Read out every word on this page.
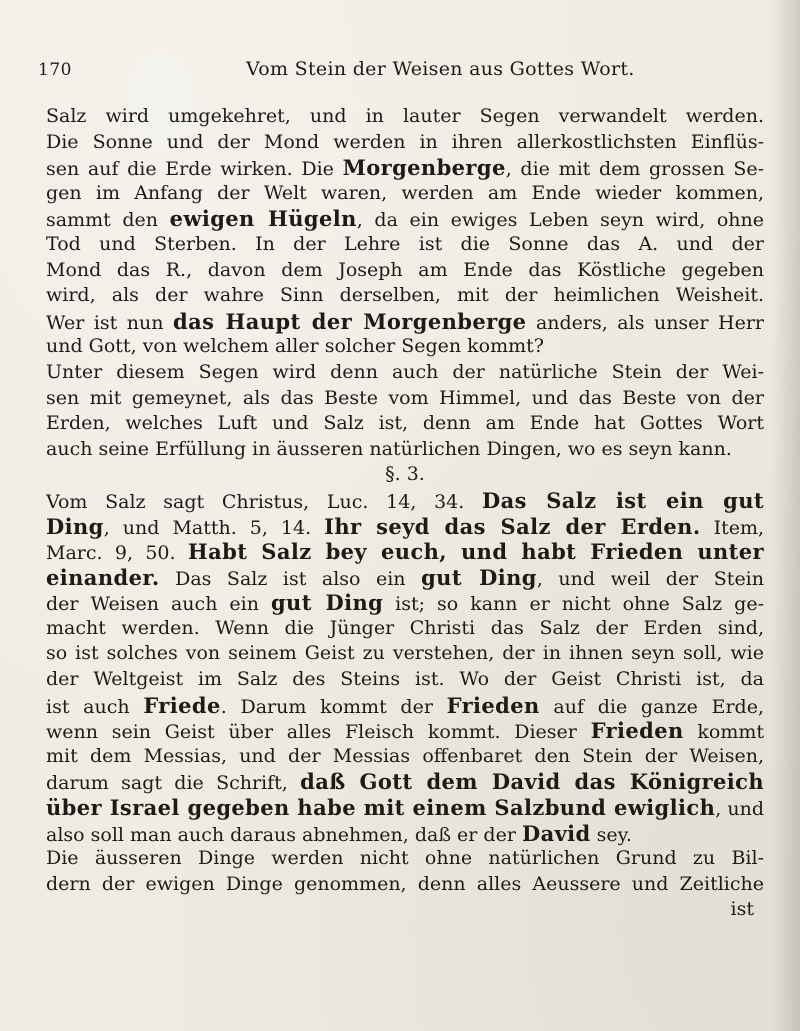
170	Vom Stein der Weisen aus Gottes Wort.
Salz wird umgekehret, und in lauter Segen verwandelt werden.
Die Sonne und der Mond werden in ihren allerkostlichsten Einflüs-
sen auf die Erde wirken. Die Morgenberge, die mit dem grossen Se-
gen im Anfang der Welt waren, werden am Ende wieder kommen,
sammt den ewigen Hügeln, da ein ewiges Leben seyn wird, ohne
Tod und Sterben. In der Lehre ist die Sonne das A. und der
Mond das R., davon dem Joseph am Ende das Köstliche gegeben
wird, als der wahre Sinn derselben, mit der heimlichen Weisheit.
Wer ist nun das Haupt der Morgenberge anders, als unser Herr
und Gott, von welchem aller solcher Segen kommt?
Unter diesem Segen wird denn auch der natürliche Stein der Wei-
sen mit gemeynet, als das Beste vom Himmel, und das Beste von der
Erden, welches Luft und Salz ist, denn am Ende hat Gottes Wort
auch seine Erfüllung in äusseren natürlichen Dingen, wo es seyn kann.
§. 3.
Vom Salz sagt Christus, Luc. 14, 34. Das Salz ist ein gut
Ding, und Matth. 5, 14. Ihr seyd das Salz der Erden. Item,
Marc. 9, 50. Habt Salz bey euch, und habt Frieden unter
einander. Das Salz ist also ein gut Ding, und weil der Stein
der Weisen auch ein gut Ding ist; so kann er nicht ohne Salz ge-
macht werden. Wenn die Jünger Christi das Salz der Erden sind,
so ist solches von seinem Geist zu verstehen, der in ihnen seyn soll, wie
der Weltgeist im Salz des Steins ist. Wo der Geist Christi ist, da
ist auch Friede. Darum kommt der Frieden auf die ganze Erde,
wenn sein Geist über alles Fleisch kommt. Dieser Frieden kommt
mit dem Messias, und der Messias offenbaret den Stein der Weisen,
darum sagt die Schrift, daß Gott dem David das Königreich
über Israel gegeben habe mit einem Salzbund ewiglich, und
also soll man auch daraus abnehmen, daß er der David sey.
Die äusseren Dinge werden nicht ohne natürlichen Grund zu Bil-
dern der ewigen Dinge genommen, denn alles Aeussere und Zeitliche
ist
